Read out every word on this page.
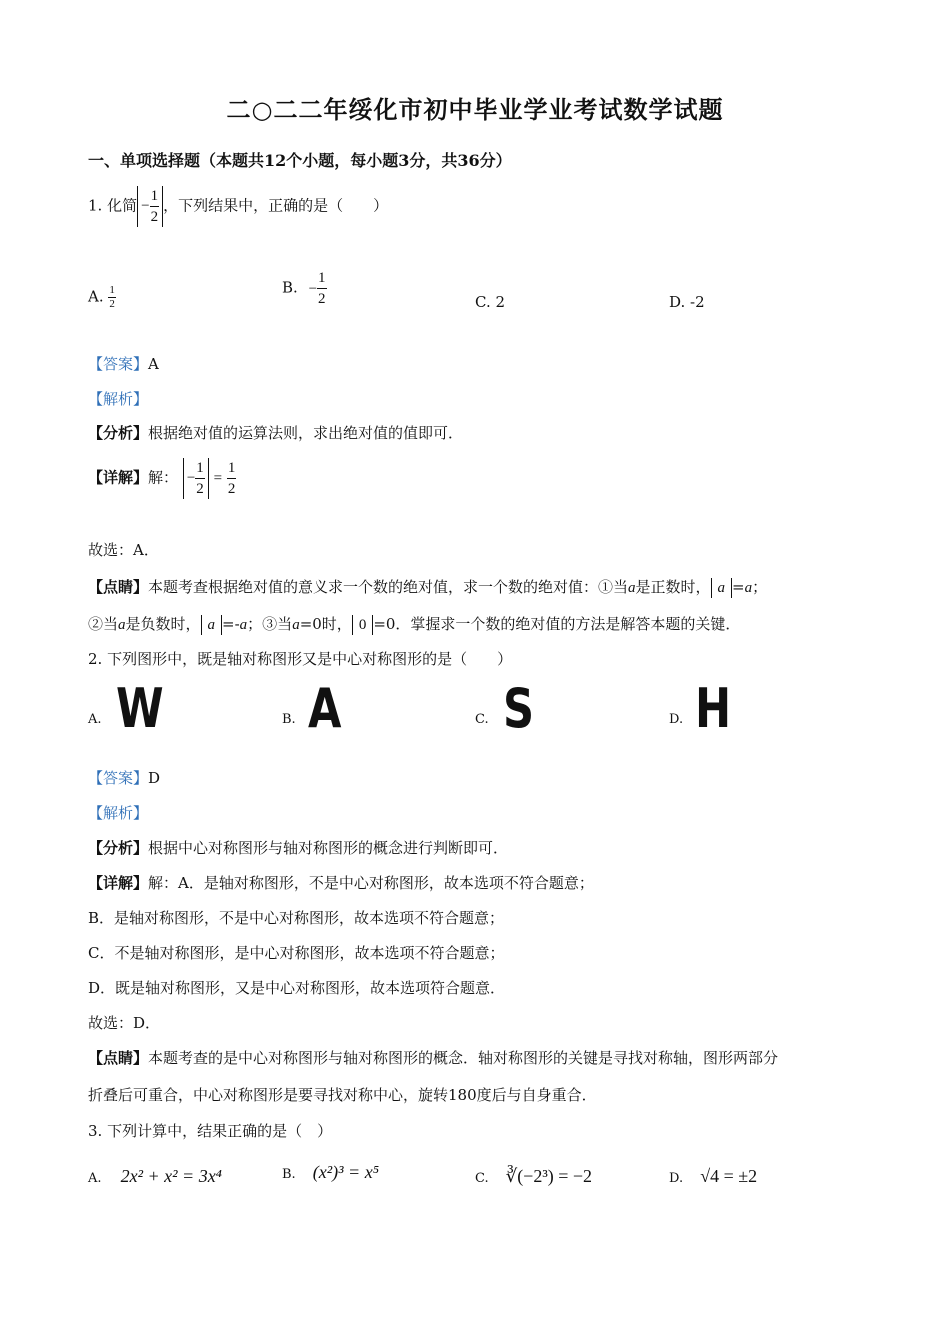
二○二二年绥化市初中毕业学业考试数学试题
一、单项选择题（本题共12个小题，每小题3分，共36分）
1. 化简 − $\frac{1}{2}$ ，下列结果中，正确的是（　　）
A. $\frac{1}{2}$	B. − $\frac{1}{2}$	C. 2	D. -2
【答案】A
【解析】
【分析】根据绝对值的运算法则，求出绝对值的值即可．
【详解】解： − $\frac{1}{2} = \frac{1}{2}$
故选：A．
【点睛】本题考查根据绝对值的意义求一个数的绝对值，求一个数的绝对值：①当a是正数时， a =a；
②当a是负数时， a =-a；③当a=0时， 0 =0．掌握求一个数的绝对值的方法是解答本题的关键．
2. 下列图形中，既是轴对称图形又是中心对称图形的是（　　）
A. W	B. A	C. S	D. H
【答案】D
【解析】
【分析】根据中心对称图形与轴对称图形的概念进行判断即可．
【详解】解：A．是轴对称图形，不是中心对称图形，故本选项不符合题意；
B．是轴对称图形，不是中心对称图形，故本选项不符合题意；
C．不是轴对称图形，是中心对称图形，故本选项不符合题意；
D．既是轴对称图形，又是中心对称图形，故本选项符合题意．
故选：D．
【点睛】本题考查的是中心对称图形与轴对称图形的概念．轴对称图形的关键是寻找对称轴，图形两部分
折叠后可重合，中心对称图形是要寻找对称中心，旋转180度后与自身重合．
3. 下列计算中，结果正确的是（　）
A. 2x² + x² = 3x⁴	B. (x²)³ = x⁵	C. ∛(−2³) = −2	D. √4 = ±2
